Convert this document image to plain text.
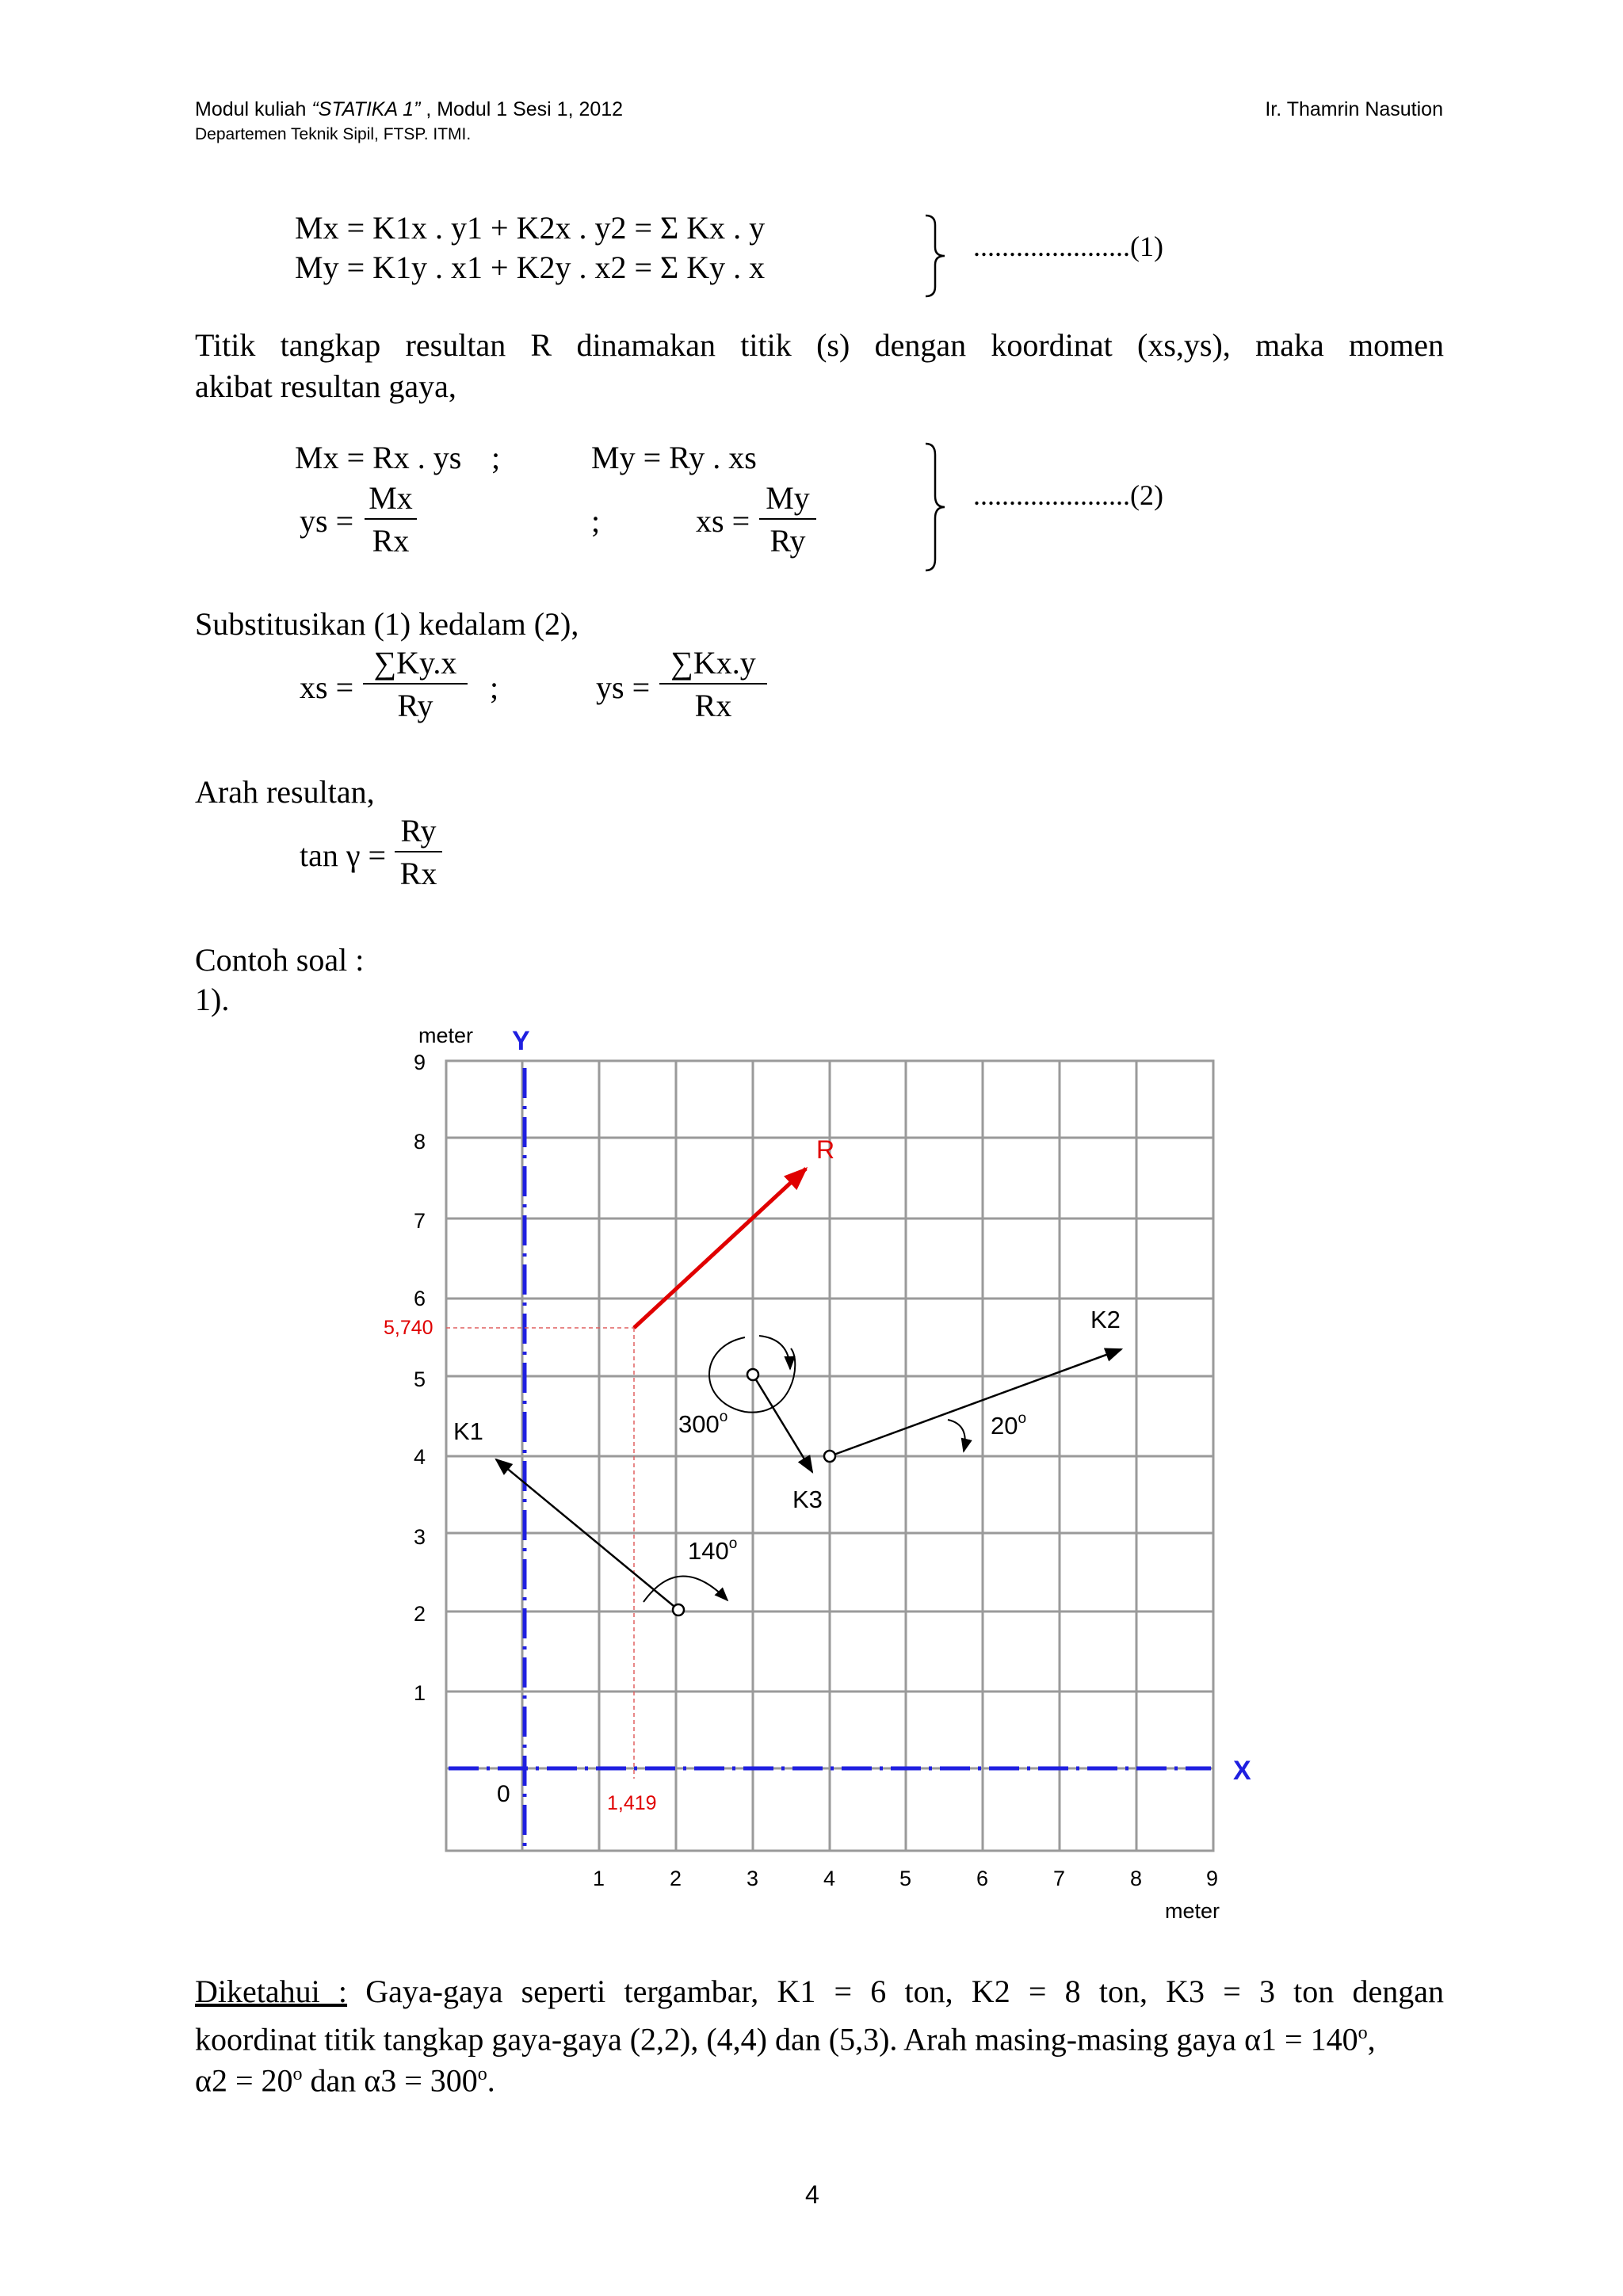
Modul kuliah “STATIKA 1” , Modul 1 Sesi 1, 2012
Departemen Teknik Sipil, FTSP. ITMI.
Ir. Thamrin Nasution
Mx = K1x . y1 + K2x . y2 = Σ Kx . y
My = K1y . x1 + K2y . x2 = Σ Ky . x
......................(1)
Titik tangkap resultan R dinamakan titik (s) dengan koordinat (xs,ys), maka momen
akibat resultan gaya,
Mx = Rx . ys ;	My = Ry . xs
ys = $\frac{Mx}{Rx}$	;	xs = $\frac{My}{Ry}$	......................(2)
Substitusikan (1) kedalam (2),
xs = $\frac{\sum Ky.x}{Ry}$ ;	ys = $\frac{\sum Kx.y}{Rx}$
Arah resultan,
$\tan \gamma = \frac{Ry}{Rx}$
Contoh soal :
1).
meter Y
X
meter
0
1
2
3
4
5
6
7
8
9
1	2	3	4	5	6	7	8	9
R
K1
K2
K3
140$^o$
300$^o$	20$^o$
5,740
1,419
Diketahui : Gaya-gaya seperti tergambar, K1 = 6 ton, K2 = 8 ton, K3 = 3 ton dengan
koordinat titik tangkap gaya-gaya (2,2), (4,4) dan (5,3). Arah masing-masing gaya $\alpha 1 = 140^o$,
$\alpha 2 = 20^o$ dan $\alpha 3 = 300^o$.
4
